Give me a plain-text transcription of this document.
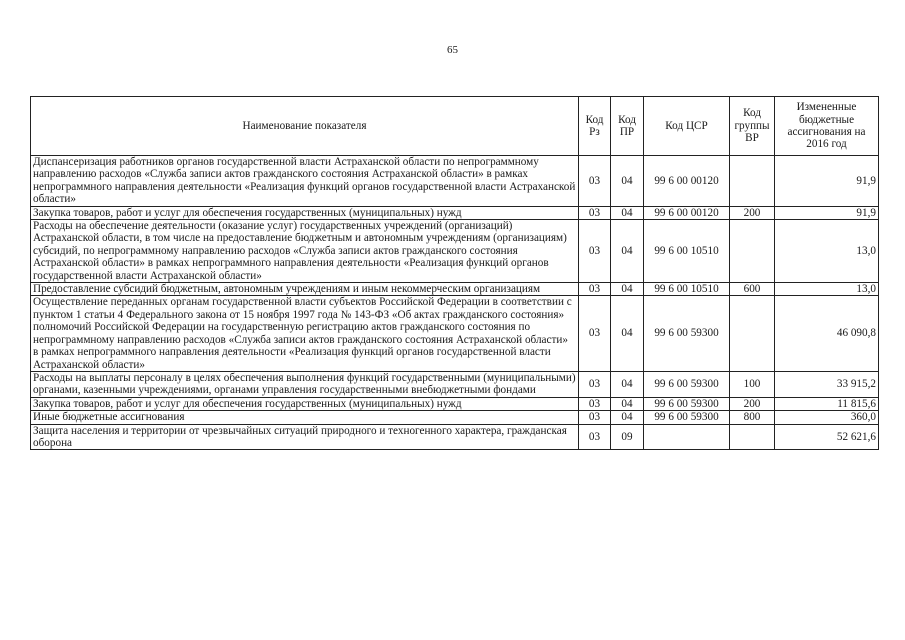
65
Наименование показателя	Код Рз	Код ПР	Код ЦСР	Код группы ВР	Измененные бюджетные ассигнования на 2016 год
Диспансеризация работников органов государственной власти Астраханской области по непрограммному направлению расходов «Служба записи актов гражданского состояния Астраханской области» в рамках непрограммного направления деятельности «Реализация функций органов государственной власти Астраханской области»	03	04	99 6 00 00120		91,9
Закупка товаров, работ и услуг для обеспечения государственных (муниципальных) нужд	03	04	99 6 00 00120	200	91,9
Расходы на обеспечение деятельности (оказание услуг) государственных учреждений (организаций) Астраханской области, в том числе на предоставление бюджетным и автономным учреждениям (организациям) субсидий, по непрограммному направлению расходов «Служба записи актов гражданского состояния Астраханской области» в рамках непрограммного направления деятельности «Реализация функций органов государственной власти Астраханской области»	03	04	99 6 00 10510		13,0
Предоставление субсидий бюджетным, автономным учреждениям и иным некоммерческим организациям	03	04	99 6 00 10510	600	13,0
Осуществление переданных органам государственной власти субъектов Российской Федерации в соответствии с пунктом 1 статьи 4 Федерального закона от 15 ноября 1997 года № 143-ФЗ «Об актах гражданского состояния» полномочий Российской Федерации на государственную регистрацию актов гражданского состояния по непрограммному направлению расходов «Служба записи актов гражданского состояния Астраханской области» в рамках непрограммного направления деятельности «Реализация функций органов государственной власти Астраханской области»	03	04	99 6 00 59300		46 090,8
Расходы на выплаты персоналу в целях обеспечения выполнения функций государственными (муниципальными) органами, казенными учреждениями, органами управления государственными внебюджетными фондами	03	04	99 6 00 59300	100	33 915,2
Закупка товаров, работ и услуг для обеспечения государственных (муниципальных) нужд	03	04	99 6 00 59300	200	11 815,6
Иные бюджетные ассигнования	03	04	99 6 00 59300	800	360,0
Защита населения и территории от чрезвычайных ситуаций природного и техногенного характера, гражданская оборона	03	09			52 621,6
